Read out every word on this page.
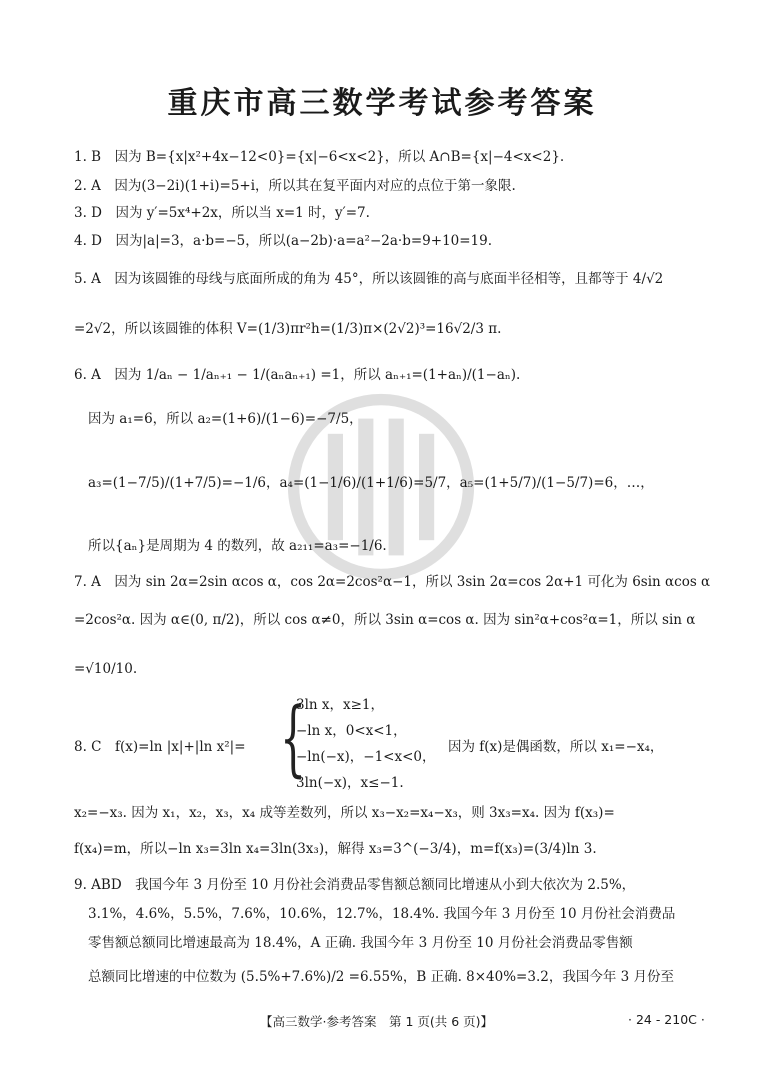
重庆市高三数学考试参考答案
1. B　因为 B={x|x²+4x−12<0}={x|−6<x<2}，所以 A∩B={x|−4<x<2}.
2. A　因为(3−2i)(1+i)=5+i，所以其在复平面内对应的点位于第一象限.
3. D　因为 y′=5x⁴+2x，所以当 x=1 时，y′=7.
4. D　因为|a|=3，a·b=−5，所以(a−2b)·a=a²−2a·b=9+10=19.
5. A　因为该圆锥的母线与底面所成的角为 45°，所以该圆锥的高与底面半径相等，且都等于 4/√2
=2√2，所以该圆锥的体积 V=(1/3)πr²h=(1/3)π×(2√2)³=16√2/3 π.
6. A　因为 1/aₙ − 1/aₙ₊₁ − 1/(aₙaₙ₊₁) =1，所以 aₙ₊₁=(1+aₙ)/(1−aₙ).
因为 a₁=6，所以 a₂=(1+6)/(1−6)=−7/5，
a₃=(1−7/5)/(1+7/5)=−1/6，a₄=(1−1/6)/(1+1/6)=5/7，a₅=(1+5/7)/(1−5/7)=6，…，
所以{aₙ}是周期为 4 的数列，故 a₂₁₁=a₃=−1/6.
7. A　因为 sin 2α=2sin αcos α，cos 2α=2cos²α−1，所以 3sin 2α=cos 2α+1 可化为 6sin αcos α
=2cos²α. 因为 α∈(0, π/2)，所以 cos α≠0，所以 3sin α=cos α. 因为 sin²α+cos²α=1，所以 sin α
=√10/10.
8. C　f(x)=ln |x|+|ln x²|= {
3ln x，x≥1，
−ln x，0<x<1，
−ln(−x)，−1<x<0，
3ln(−x)，x≤−1.
因为 f(x)是偶函数，所以 x₁=−x₄，
x₂=−x₃. 因为 x₁，x₂，x₃，x₄ 成等差数列，所以 x₃−x₂=x₄−x₃，则 3x₃=x₄. 因为 f(x₃)=
f(x₄)=m，所以−ln x₃=3ln x₄=3ln(3x₃)，解得 x₃=3^(−3/4)，m=f(x₃)=(3/4)ln 3.
9. ABD　我国今年 3 月份至 10 月份社会消费品零售额总额同比增速从小到大依次为 2.5%，
3.1%，4.6%，5.5%，7.6%，10.6%，12.7%，18.4%. 我国今年 3 月份至 10 月份社会消费品
零售额总额同比增速最高为 18.4%，A 正确. 我国今年 3 月份至 10 月份社会消费品零售额
总额同比增速的中位数为 (5.5%+7.6%)/2 =6.55%，B 正确. 8×40%=3.2，我国今年 3 月份至
【高三数学·参考答案　第 1 页(共 6 页)】	· 24 - 210C ·
